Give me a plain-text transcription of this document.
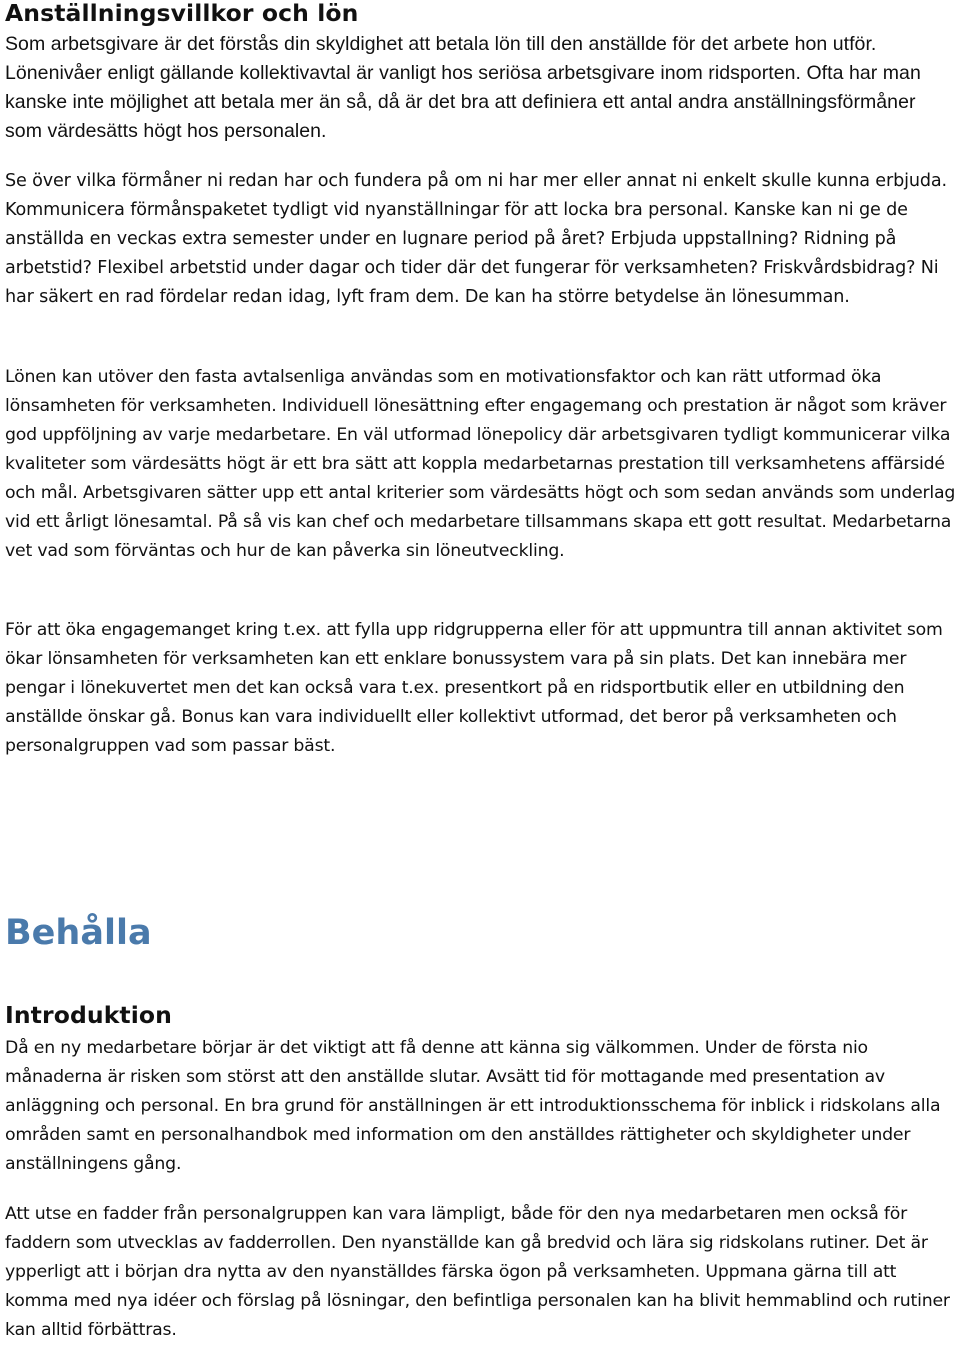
Anställningsvillkor och lön

Som arbetsgivare är det förstås din skyldighet att betala lön till den anställde för det arbete hon utför. Lönenivåer enligt gällande kollektivavtal är vanligt hos seriösa arbetsgivare inom ridsporten. Ofta har man kanske inte möjlighet att betala mer än så, då är det bra att definiera ett antal andra anställningsförmåner som värdesätts högt hos personalen.

Se över vilka förmåner ni redan har och fundera på om ni har mer eller annat ni enkelt skulle kunna erbjuda. Kommunicera förmånspaketet tydligt vid nyanställningar för att locka bra personal. Kanske kan ni ge de anställda en veckas extra semester under en lugnare period på året? Erbjuda uppstallning? Ridning på arbetstid? Flexibel arbetstid under dagar och tider där det fungerar för verksamheten? Friskvårdsbidrag? Ni har säkert en rad fördelar redan idag, lyft fram dem. De kan ha större betydelse än lönesumman.

Lönen kan utöver den fasta avtalsenliga användas som en motivationsfaktor och kan rätt utformad öka lönsamheten för verksamheten. Individuell lönesättning efter engagemang och prestation är något som kräver god uppföljning av varje medarbetare. En väl utformad lönepolicy där arbetsgivaren tydligt kommunicerar vilka kvaliteter som värdesätts högt är ett bra sätt att koppla medarbetarnas prestation till verksamhetens affärsidé och mål. Arbetsgivaren sätter upp ett antal kriterier som värdesätts högt och som sedan används som underlag vid ett årligt lönesamtal. På så vis kan chef och medarbetare tillsammans skapa ett gott resultat. Medarbetarna vet vad som förväntas och hur de kan påverka sin löneutveckling.

För att öka engagemanget kring t.ex. att fylla upp ridgrupperna eller för att uppmuntra till annan aktivitet som ökar lönsamheten för verksamheten kan ett enklare bonussystem vara på sin plats. Det kan innebära mer pengar i lönekuvertet men det kan också vara t.ex. presentkort på en ridsportbutik eller en utbildning den anställde önskar gå. Bonus kan vara individuellt eller kollektivt utformad, det beror på verksamheten och personalgruppen vad som passar bäst.

Behålla
Introduktion

Då en ny medarbetare börjar är det viktigt att få denne att känna sig välkommen. Under de första nio månaderna är risken som störst att den anställde slutar. Avsätt tid för mottagande med presentation av anläggning och personal. En bra grund för anställningen är ett introduktionsschema för inblick i ridskolans alla områden samt en personalhandbok med information om den anställdes rättigheter och skyldigheter under anställningens gång.

Att utse en fadder från personalgruppen kan vara lämpligt, både för den nya medarbetaren men också för faddern som utvecklas av fadderrollen. Den nyanställde kan gå bredvid och lära sig ridskolans rutiner. Det är ypperligt att i början dra nytta av den nyanställdes färska ögon på verksamheten. Uppmana gärna till att komma med nya idéer och förslag på lösningar, den befintliga personalen kan ha blivit hemmablind och rutiner kan alltid förbättras.
